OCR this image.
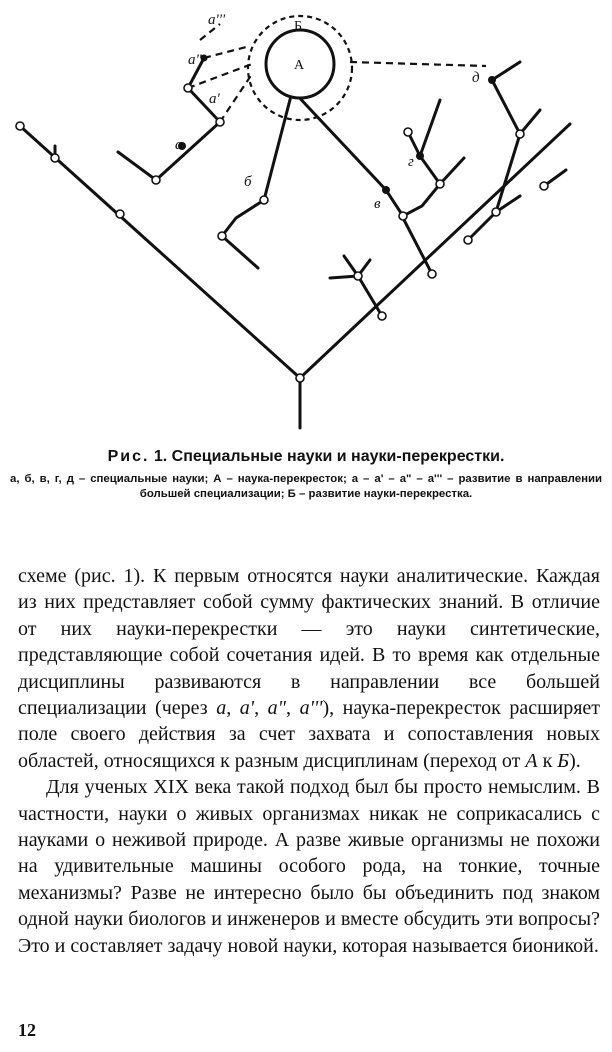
а
а'
а"
а'''
б
в
г
д
А
Б

Рис. 1. Специальные науки и науки-перекрестки.

а, б, в, г, д – специальные науки; А – наука-перекресток; а – а' – а" – а''' – развитие в направлении большей специализации; Б – развитие науки-перекрестка.

схеме (рис. 1). К первым относятся науки аналитические. Каждая из них представляет собой сумму фактических знаний. В отличие от них науки-перекрестки — это науки синтетические, представляющие собой сочетания идей. В то время как отдельные дисциплины развиваются в направлении все большей специализации (через a, a', a", a'''), наука-перекресток расширяет поле своего действия за счет захвата и сопоставления новых областей, относящихся к разным дисциплинам (переход от А к Б).

Для ученых XIX века такой подход был бы просто немыслим. В частности, науки о живых организмах никак не соприкасались с науками о неживой природе. А разве живые организмы не похожи на удивительные машины особого рода, на тонкие, точные механизмы? Разве не интересно было бы объединить под знаком одной науки биологов и инженеров и вместе обсудить эти вопросы? Это и составляет задачу новой науки, которая называется бионикой.

12
